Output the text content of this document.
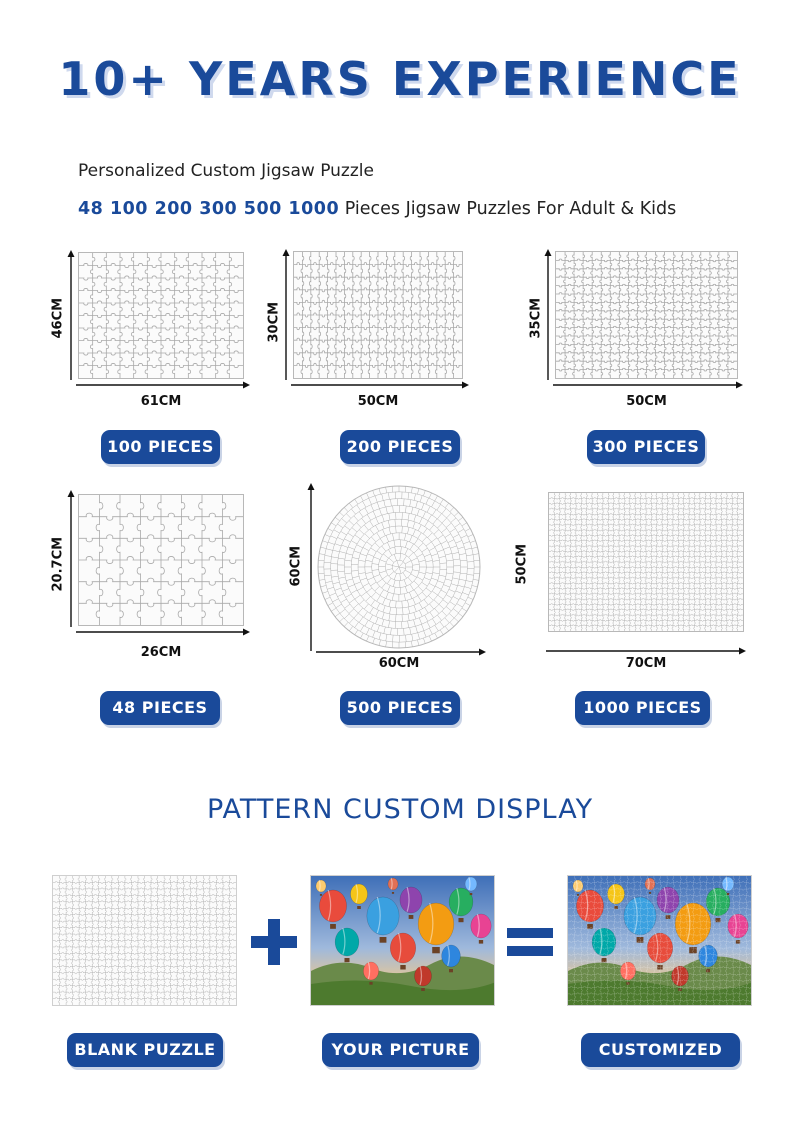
10+ YEARS EXPERIENCE
Personalized Custom Jigsaw Puzzle
48 100 200 300 500 1000 Pieces Jigsaw Puzzles For Adult & Kids
46CM
61CM
100 PIECES
30CM
50CM
200 PIECES
35CM
50CM
300 PIECES
20.7CM
26CM
48 PIECES
60CM
60CM
500 PIECES
50CM
70CM
1000 PIECES
PATTERN CUSTOM DISPLAY
BLANK PUZZLE	YOUR PICTURE	CUSTOMIZED
